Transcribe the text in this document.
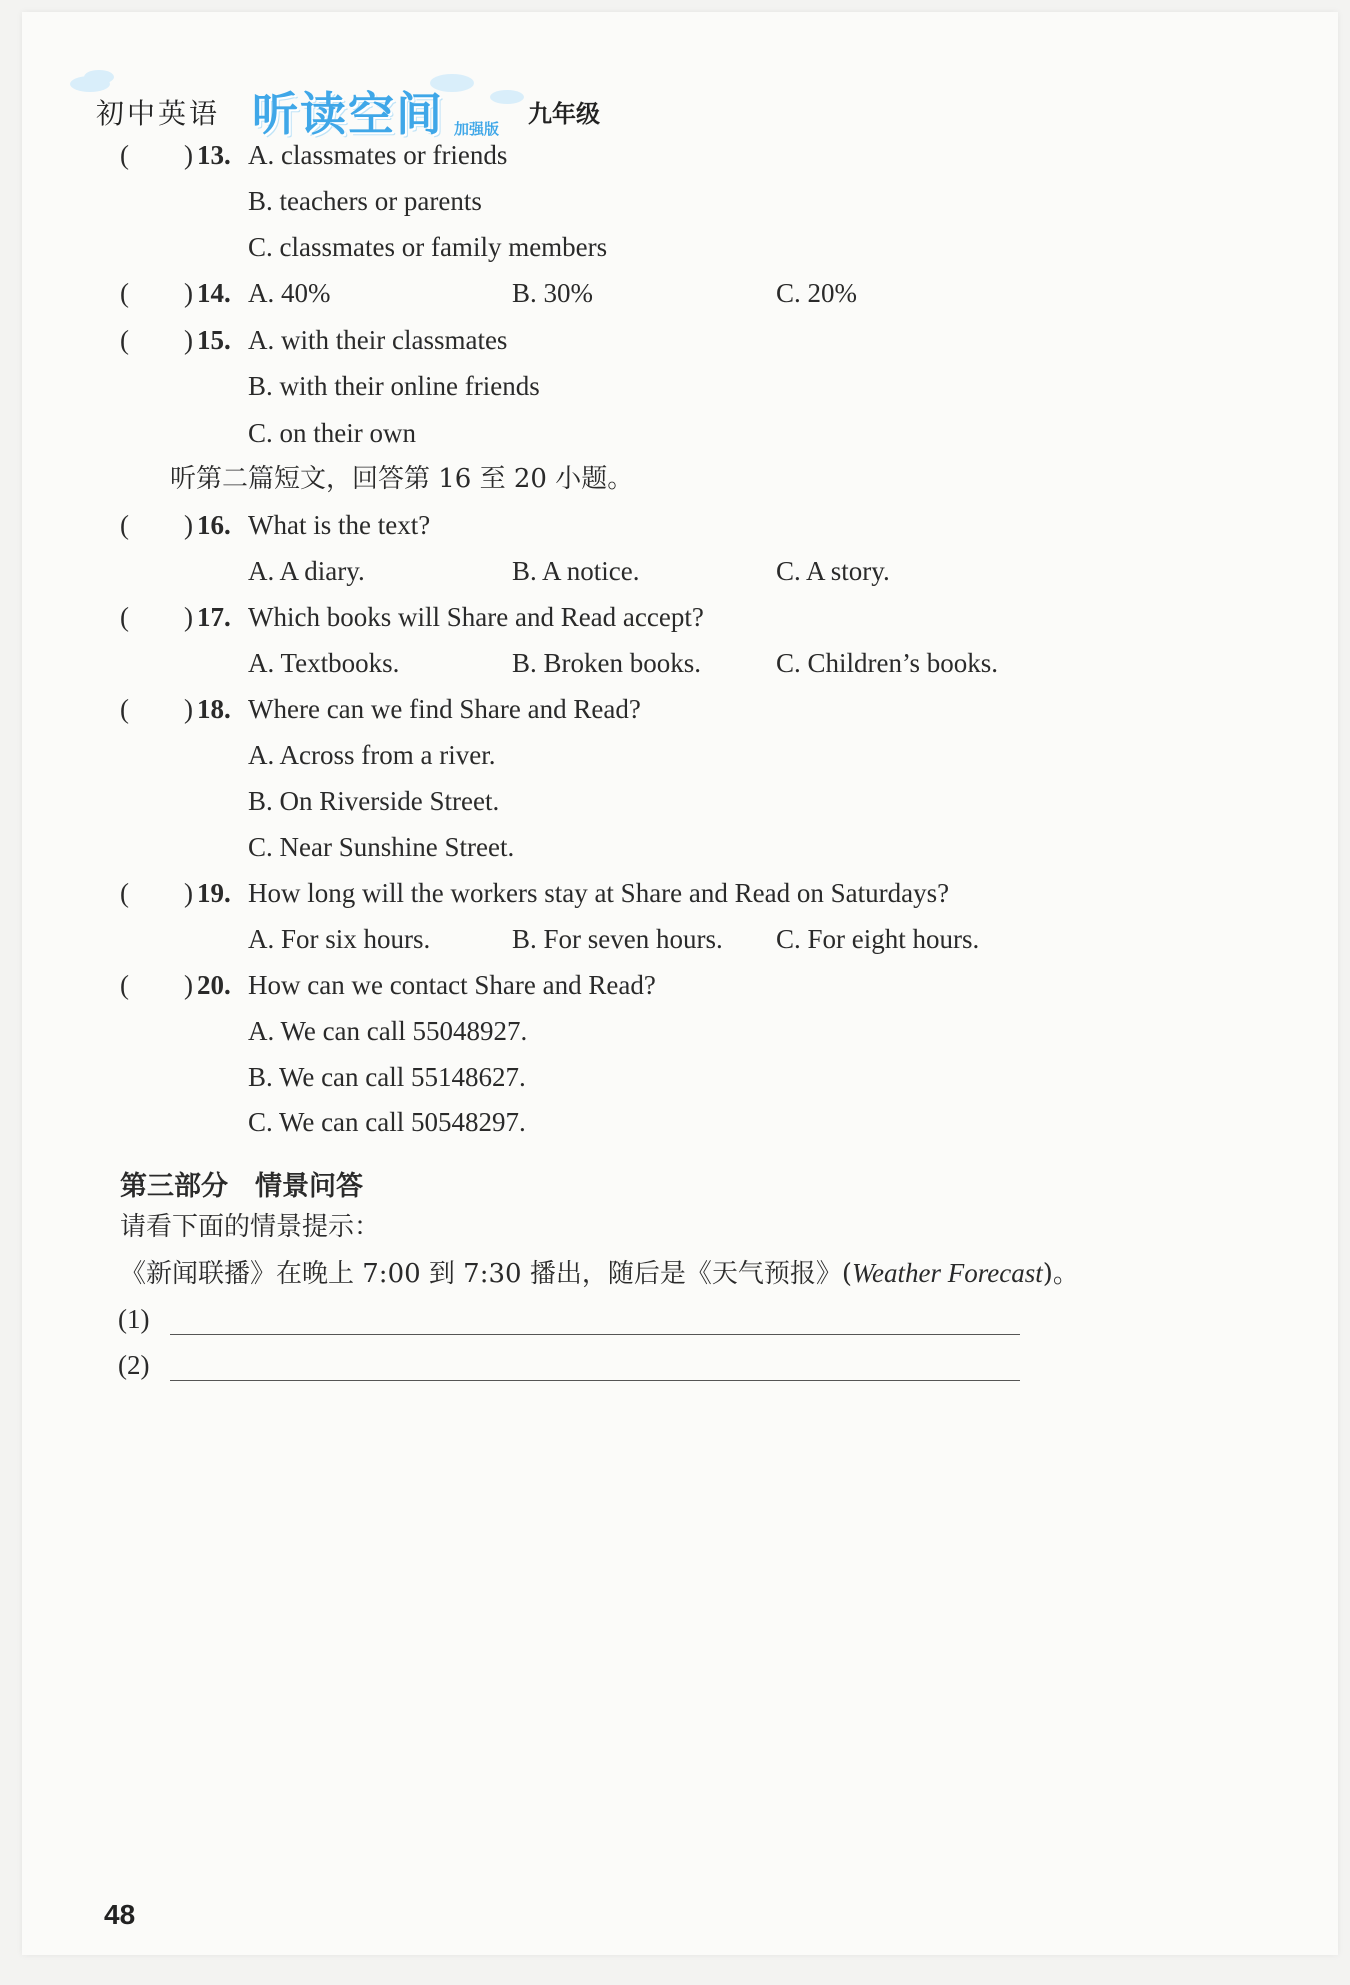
初中英语 听读空间 加强版
九年级
( ) 13. A. classmates or friends
B. teachers or parents
C. classmates or family members
( ) 14. A. 40%	B. 30%	C. 20%
( ) 15. A. with their classmates
B. with their online friends
C. on their own
听第二篇短文，回答第 16 至 20 小题。
( ) 16. What is the text?
A. A diary.	B. A notice.	C. A story.
( ) 17. Which books will Share and Read accept?
A. Textbooks.	B. Broken books.	C. Children’s books.
( ) 18. Where can we find Share and Read?
A. Across from a river.
B. On Riverside Street.
C. Near Sunshine Street.
( ) 19. How long will the workers stay at Share and Read on Saturdays?
A. For six hours.	B. For seven hours. C. For eight hours.
( ) 20. How can we contact Share and Read?
A. We can call 55048927.
B. We can call 55148627.
C. We can call 50548297.
第三部分　情景问答
请看下面的情景提示：
《新闻联播》在晚上 7:00 到 7:30 播出，随后是《天气预报》(Weather Forecast)。
(1)
(2)
48
